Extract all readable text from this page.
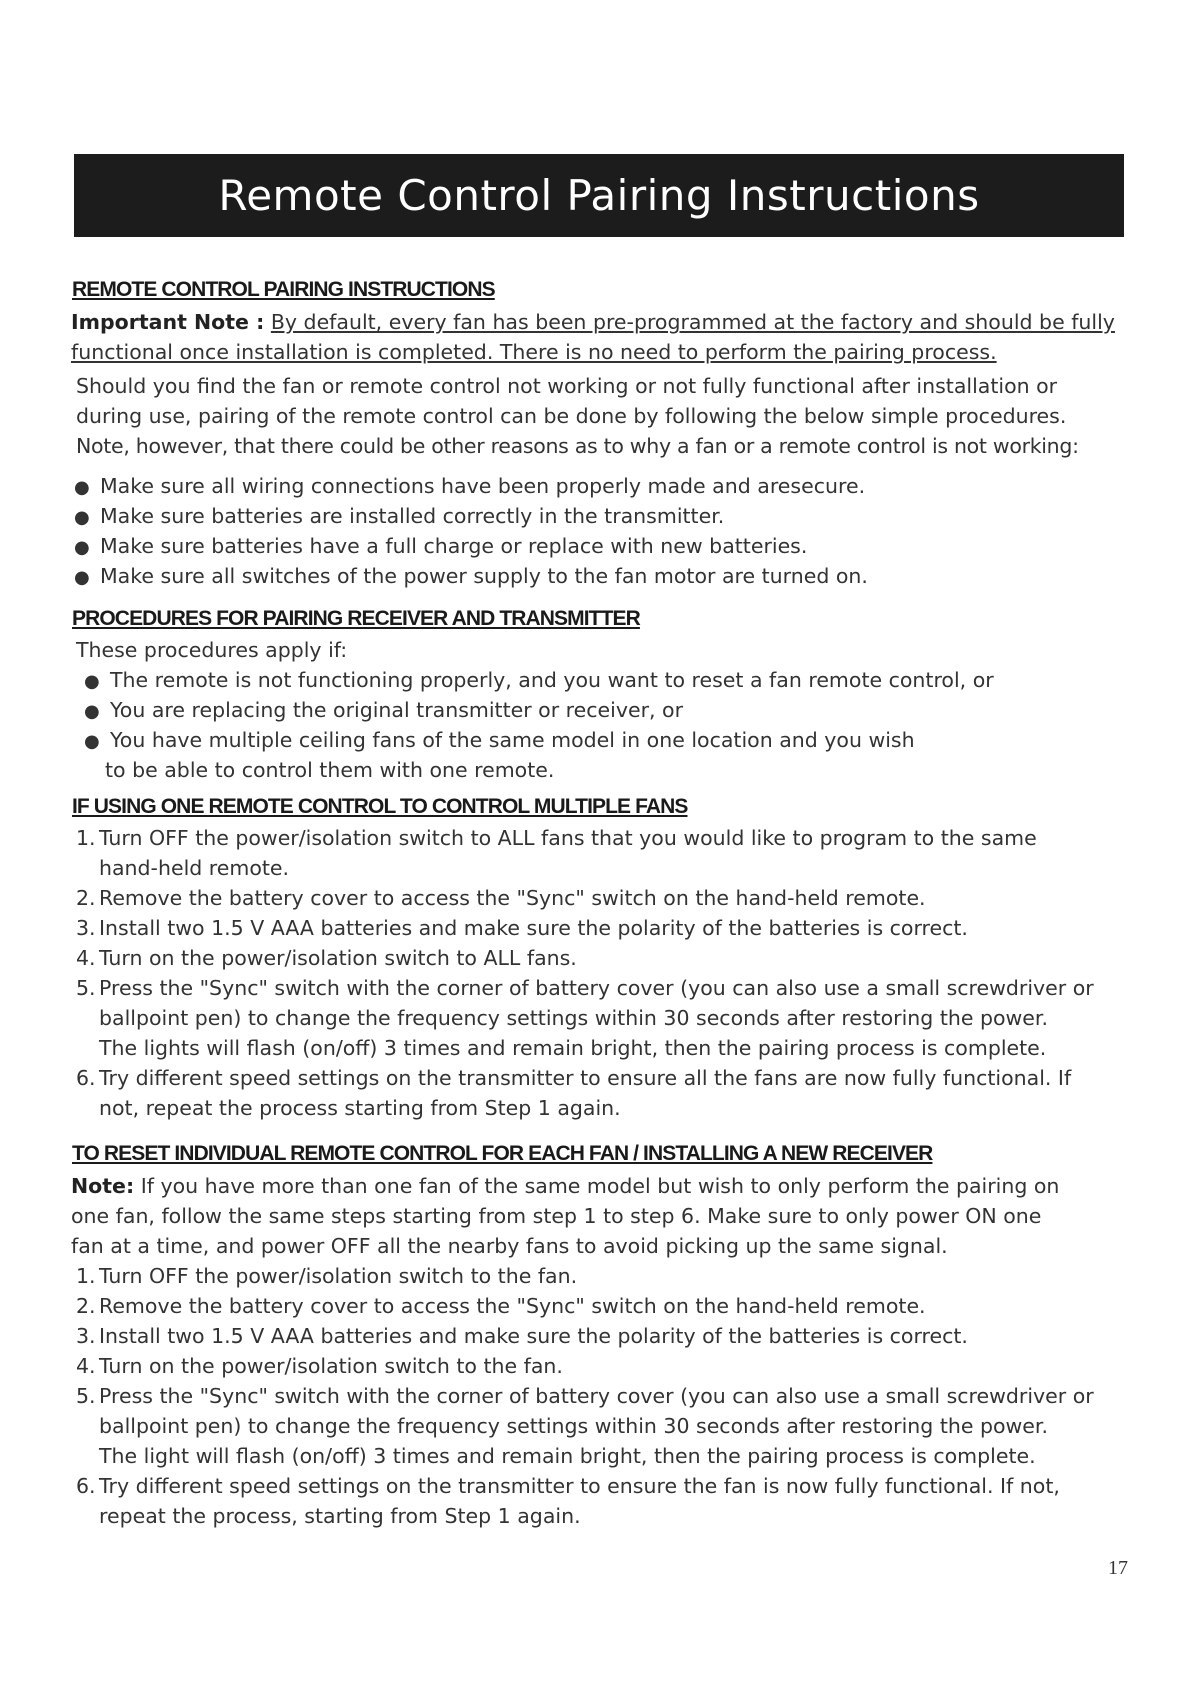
Remote Control Pairing Instructions
REMOTE CONTROL PAIRING INSTRUCTIONS
Important Note : By default, every fan has been pre-programmed at the factory and should be fully
functional once installation is completed. There is no need to perform the pairing process.
Should you find the fan or remote control not working or not fully functional after installation or
during use, pairing of the remote control can be done by following the below simple procedures.
Note, however, that there could be other reasons as to why a fan or a remote control is not working:
● Make sure all wiring connections have been properly made and aresecure.
● Make sure batteries are installed correctly in the transmitter.
● Make sure batteries have a full charge or replace with new batteries.
● Make sure all switches of the power supply to the fan motor are turned on.
PROCEDURES FOR PAIRING RECEIVER AND TRANSMITTER
These procedures apply if:
● The remote is not functioning properly, and you want to reset a fan remote control, or
● You are replacing the original transmitter or receiver, or
● You have multiple ceiling fans of the same model in one location and you wish
to be able to control them with one remote.
IF USING ONE REMOTE CONTROL TO CONTROL MULTIPLE FANS
1. Turn OFF the power/isolation switch to ALL fans that you would like to program to the same
hand-held remote.
2. Remove the battery cover to access the "Sync" switch on the hand-held remote.
3. Install two 1.5 V AAA batteries and make sure the polarity of the batteries is correct.
4. Turn on the power/isolation switch to ALL fans.
5. Press the "Sync" switch with the corner of battery cover (you can also use a small screwdriver or
ballpoint pen) to change the frequency settings within 30 seconds after restoring the power.
The lights will flash (on/off) 3 times and remain bright, then the pairing process is complete.
6. Try different speed settings on the transmitter to ensure all the fans are now fully functional. If
not, repeat the process starting from Step 1 again.
TO RESET INDIVIDUAL REMOTE CONTROL FOR EACH FAN / INSTALLING A NEW RECEIVER
Note: If you have more than one fan of the same model but wish to only perform the pairing on
one fan, follow the same steps starting from step 1 to step 6. Make sure to only power ON one
fan at a time, and power OFF all the nearby fans to avoid picking up the same signal.
1. Turn OFF the power/isolation switch to the fan.
2. Remove the battery cover to access the "Sync" switch on the hand-held remote.
3. Install two 1.5 V AAA batteries and make sure the polarity of the batteries is correct.
4. Turn on the power/isolation switch to the fan.
5. Press the "Sync" switch with the corner of battery cover (you can also use a small screwdriver or
ballpoint pen) to change the frequency settings within 30 seconds after restoring the power.
The light will flash (on/off) 3 times and remain bright, then the pairing process is complete.
6. Try different speed settings on the transmitter to ensure the fan is now fully functional. If not,
repeat the process, starting from Step 1 again.
17
